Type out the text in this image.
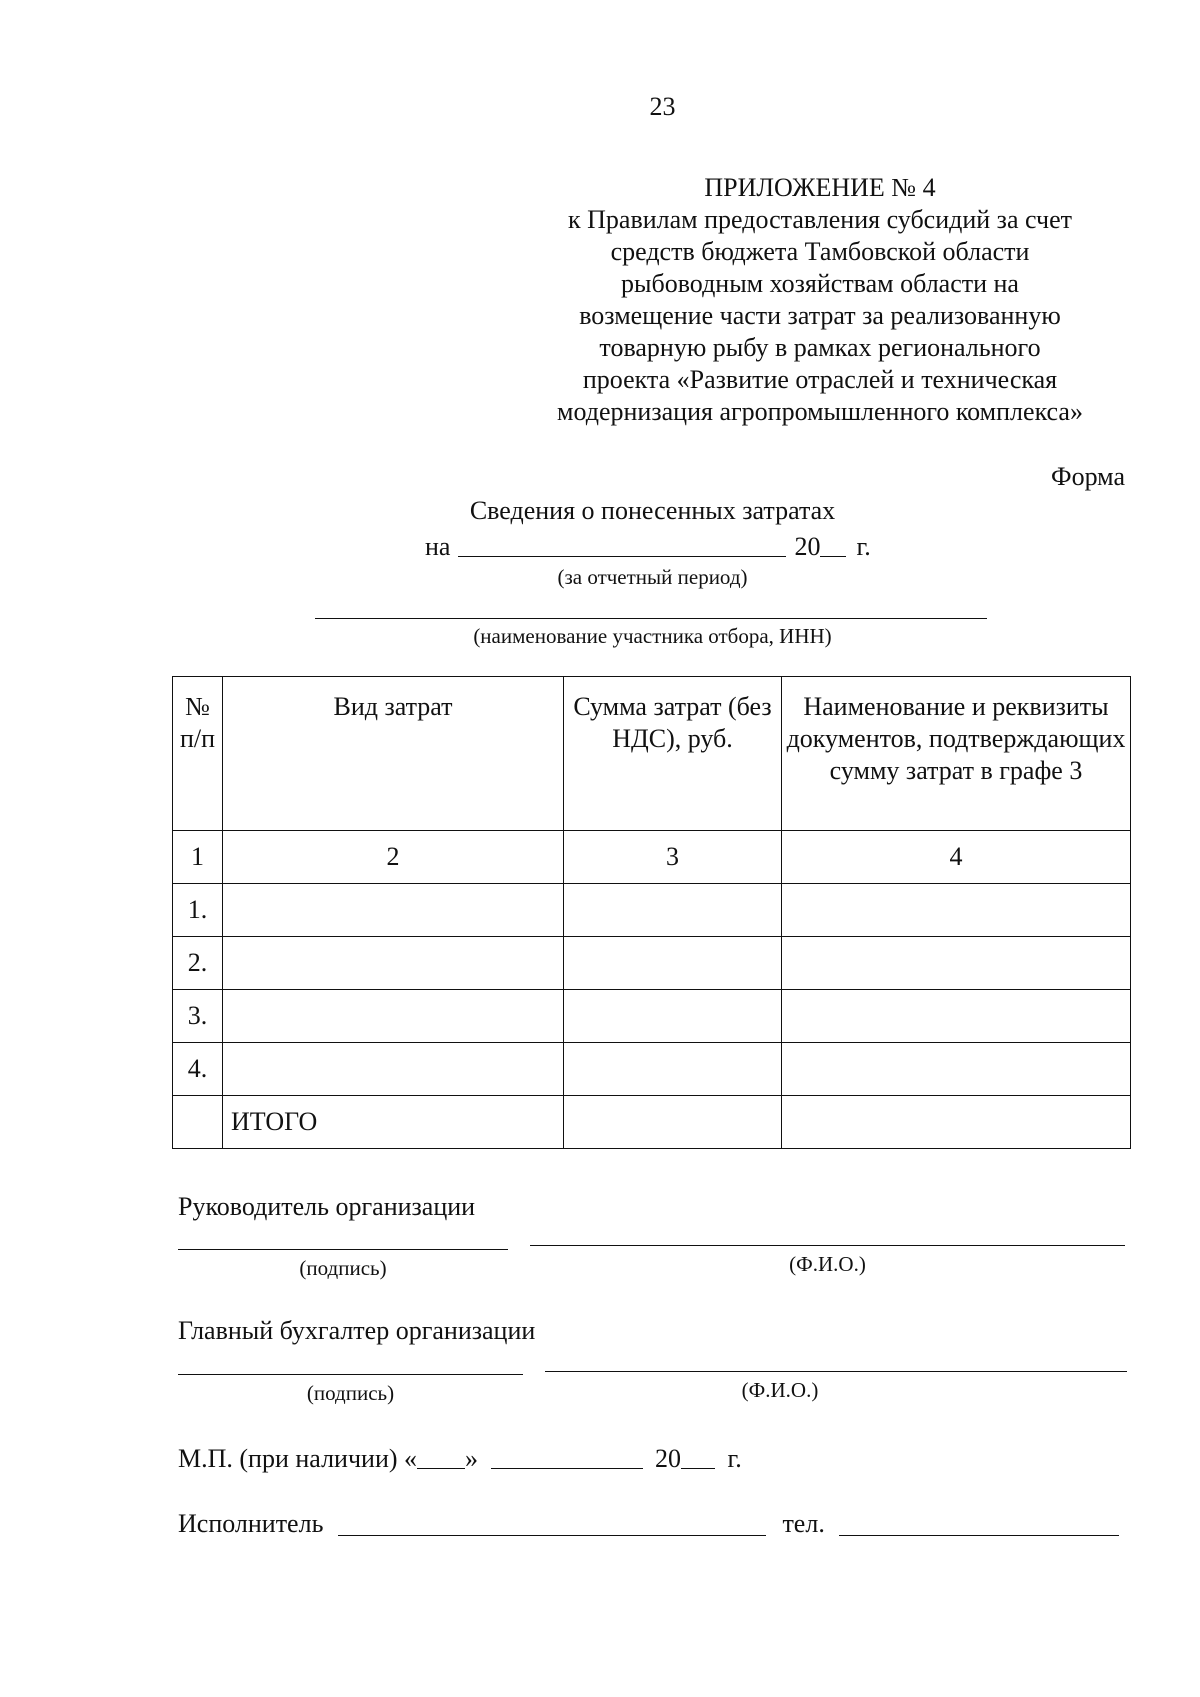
23
ПРИЛОЖЕНИЕ № 4
к Правилам предоставления субсидий за счет
средств бюджета Тамбовской области
рыбоводным хозяйствам области на
возмещение части затрат за реализованную
товарную рыбу в рамках регионального
проекта «Развитие отраслей и техническая
модернизация агропромышленного комплекса»
Форма
Сведения о понесенных затратах
на	20 г.
(за отчетный период)
(наименование участника отбора, ИНН)
№ п/п	Вид затрат	Сумма затрат (без НДС), руб.	Наименование и реквизиты документов, подтверждающих сумму затрат в графе 3
1	2	3	4
1.			
2.			
3.			
4.			
	ИТОГО		
Руководитель организации
(подпись)	(Ф.И.О.)
Главный бухгалтер организации
(подпись)	(Ф.И.О.)
М.П. (при наличии) « »	20 г.
Исполнитель	тел.
